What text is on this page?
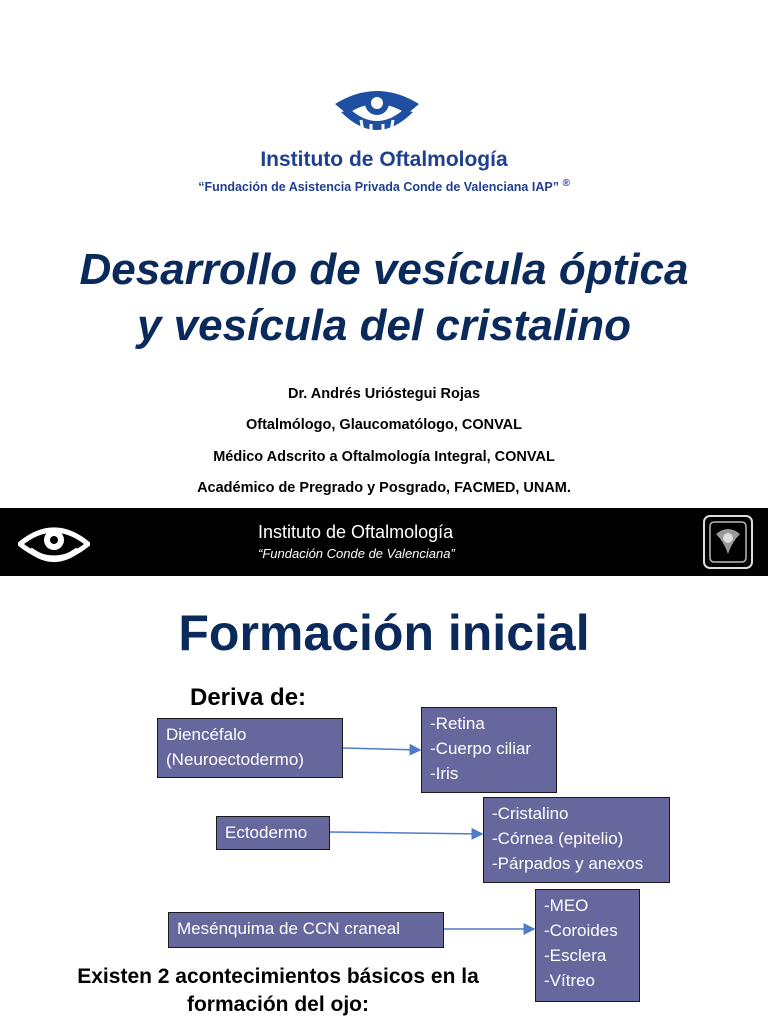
Instituto de Oftalmología
“Fundación de Asistencia Privada Conde de Valenciana IAP” ®
Desarrollo de vesícula óptica
y vesícula del cristalino
Dr. Andrés Urióstegui Rojas
Oftalmólogo, Glaucomatólogo, CONVAL
Médico Adscrito a Oftalmología Integral, CONVAL
Académico de Pregrado y Posgrado, FACMED, UNAM.
Instituto de Oftalmología
“Fundación Conde de Valenciana”
Formación inicial
Deriva de:
Diencéfalo
(Neuroectodermo)
Ectodermo
Mesénquima de CCN craneal
-Retina
-Cuerpo ciliar
-Iris
-Cristalino
-Córnea (epitelio)
-Párpados y anexos
-MEO
-Coroides
-Esclera
-Vítreo
Existen 2 acontecimientos básicos en la
formación del ojo:
